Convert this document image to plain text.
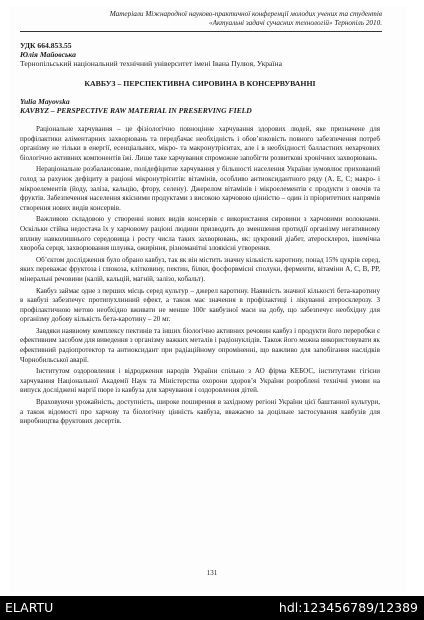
Матеріали Міжнародної науково-практичної конференції молодих учених та студентів
«Актуальні задачі сучасних технологій» Тернопіль 2010.
УДК 664.853.55
Юлія Майовська
Тернопільський національний технічний університет імені Івана Пулюя, Україна
КАВБУЗ – ПЕРСПЕКТИВНА СИРОВИНА В КОНСЕРВУВАННІ
Yulia Mayovska
KAVBYZ – PERSPECTIVE RAW MATERIAL IN PRESERVING FIELD

Раціональне харчування – це фізіологічно повноцінне харчування здорових людей, яке призначене для профілактики аліментарних захворювань та передбачає необхідність і обов’язковість повного забезпечення потреб організму не тільки в енергії, есенціальних, мікро- та макронутрієнтах, але і в необхідності балластних нехарчових біологічно активних компонентів їжі. Лише таке харчування спроможне запобігти розвиткові хронічних захворювань.

Нераціональне розбалансоване, полідефіцитне харчування у більшості населення України зумовлює прихований голод за рахунок дефіциту в раціоні мікронутрієнтів: вітамінів, особливо антиоксидантного ряду (А, Е, С; макро- і мікроелементів (йоду, заліза, кальцію, фтору, селену). Джерелом вітамінів і мікроелементів є продукти з овочів та фруктів. Забезпечення населення якісними продуктами з високою харчовою цінністю – один із пріоритетних напрямів створення нових видів консервів.

Важливою складовою у створенні нових видів консервів є використання сировини з харчовими волокнами. Оскільки стійка недостача їх у харчовому раціоні людини призводить до зменшення протидії організму негативному впливу навколишнього середовища і росту числа таких захворювань, як: цукровий діабет, атеросклероз, ішемічна хвороба серця, захворювання шлунка, ожиріння, різноманітні злоякісні утворення.

Об’єктом дослідження було обрано кавбуз, так як він містить значну кількість каротину, понад 15% цукрів серед, яких переважає фруктоза і глюкоза, клітковину, пектин, білки, фосфорвмісні сполуки, ферменти, вітаміни А, С, В, РР, мінеральні речовини (калій, кальцій, магній, залізо, кобальт).

Кавбуз займає одне з перших місць серед культур – джерел каротину. Наявність значної кількості бета-каротину в кавбузі забезпечує протипухлинний ефект, а також має значення в профілактиці і лікуванні атеросклерозу. З профілактичною метою необхідно вживати не менше 100г кавбузної маси на добу, що забезпечує необхідну для організму добову кількість бета-каротину – 20 мг.

Завдяки наявному комплексу пектинів та інших біологічно активних речовин кавбуз і продукти його переробки є ефективним засобом для виведення з організму важких металів і радіонуклідів. Також його можна використовувати як ефективний радіопротектор та антиоксидант при радіаційному опроміненні, що важливо для запобігання наслідків Чорнобильської аварії.

Інститутом оздоровлення і відродження народів України спільно з АО фірма КЕБОС, інститутами гігієни харчування Національної Академії Наук та Міністерства охорони здоров’я України розроблені технічні умови на випуск досліджені маргії пюре із кавбуза для харчування і оздоровлення дітей.

Враховуючи урожайність, доступність, широке поширення в західному регіоні України цієї баштанної культури, а також відомості про харчову та біологічну цінність кавбуза, вважаємо за доцільне застосування кавбузів для виробництва фруктових десертів.

131
ELARTU	hdl:123456789/12389
